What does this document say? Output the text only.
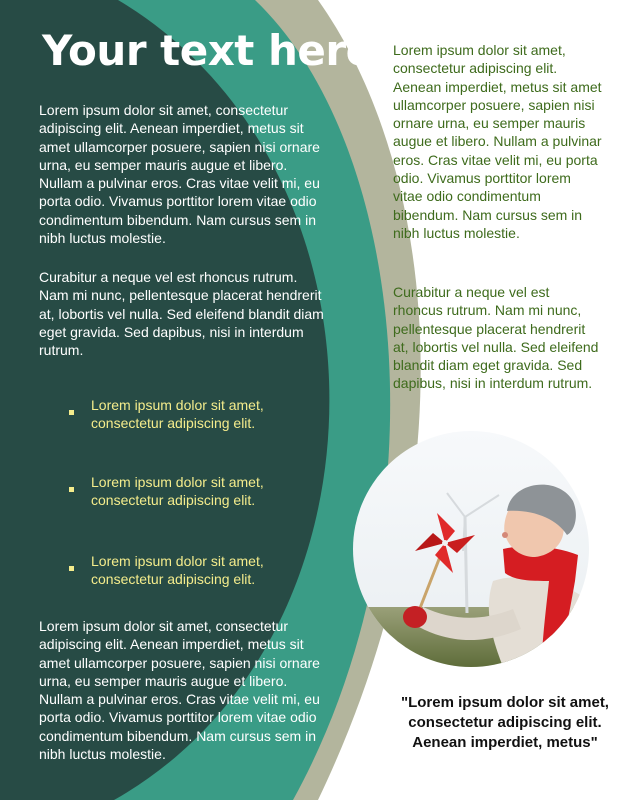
Your text here

Lorem ipsum dolor sit amet, consectetur adipiscing elit. Aenean imperdiet, metus sit amet ullamcorper posuere, sapien nisi ornare urna, eu semper mauris augue et libero. Nullam a pulvinar eros. Cras vitae velit mi, eu porta odio. Vivamus porttitor lorem vitae odio condimentum bibendum. Nam cursus sem in nibh luctus molestie.

Curabitur a neque vel est rhoncus rutrum. Nam mi nunc, pellentesque placerat hendrerit at, lobortis vel nulla. Sed eleifend blandit diam eget gravida. Sed dapibus, nisi in interdum rutrum.

Lorem ipsum dolor sit amet, consectetur adipiscing elit.
Lorem ipsum dolor sit amet, consectetur adipiscing elit.
Lorem ipsum dolor sit amet, consectetur adipiscing elit.

Lorem ipsum dolor sit amet, consectetur adipiscing elit. Aenean imperdiet, metus sit amet ullamcorper posuere, sapien nisi ornare urna, eu semper mauris augue et libero. Nullam a pulvinar eros. Cras vitae velit mi, eu porta odio. Vivamus porttitor lorem vitae odio condimentum bibendum. Nam cursus sem in nibh luctus molestie.

Lorem ipsum dolor sit amet, consectetur adipiscing elit. Aenean imperdiet, metus sit amet ullamcorper posuere, sapien nisi ornare urna, eu semper mauris augue et libero. Nullam a pulvinar eros. Cras vitae velit mi, eu porta odio. Vivamus porttitor lorem vitae odio condimentum bibendum. Nam cursus sem in nibh luctus molestie.

Curabitur a neque vel est rhoncus rutrum. Nam mi nunc, pellentesque placerat hendrerit at, lobortis vel nulla. Sed eleifend blandit diam eget gravida. Sed dapibus, nisi in interdum rutrum.

"Lorem ipsum dolor sit amet, consectetur adipiscing elit. Aenean imperdiet, metus"
